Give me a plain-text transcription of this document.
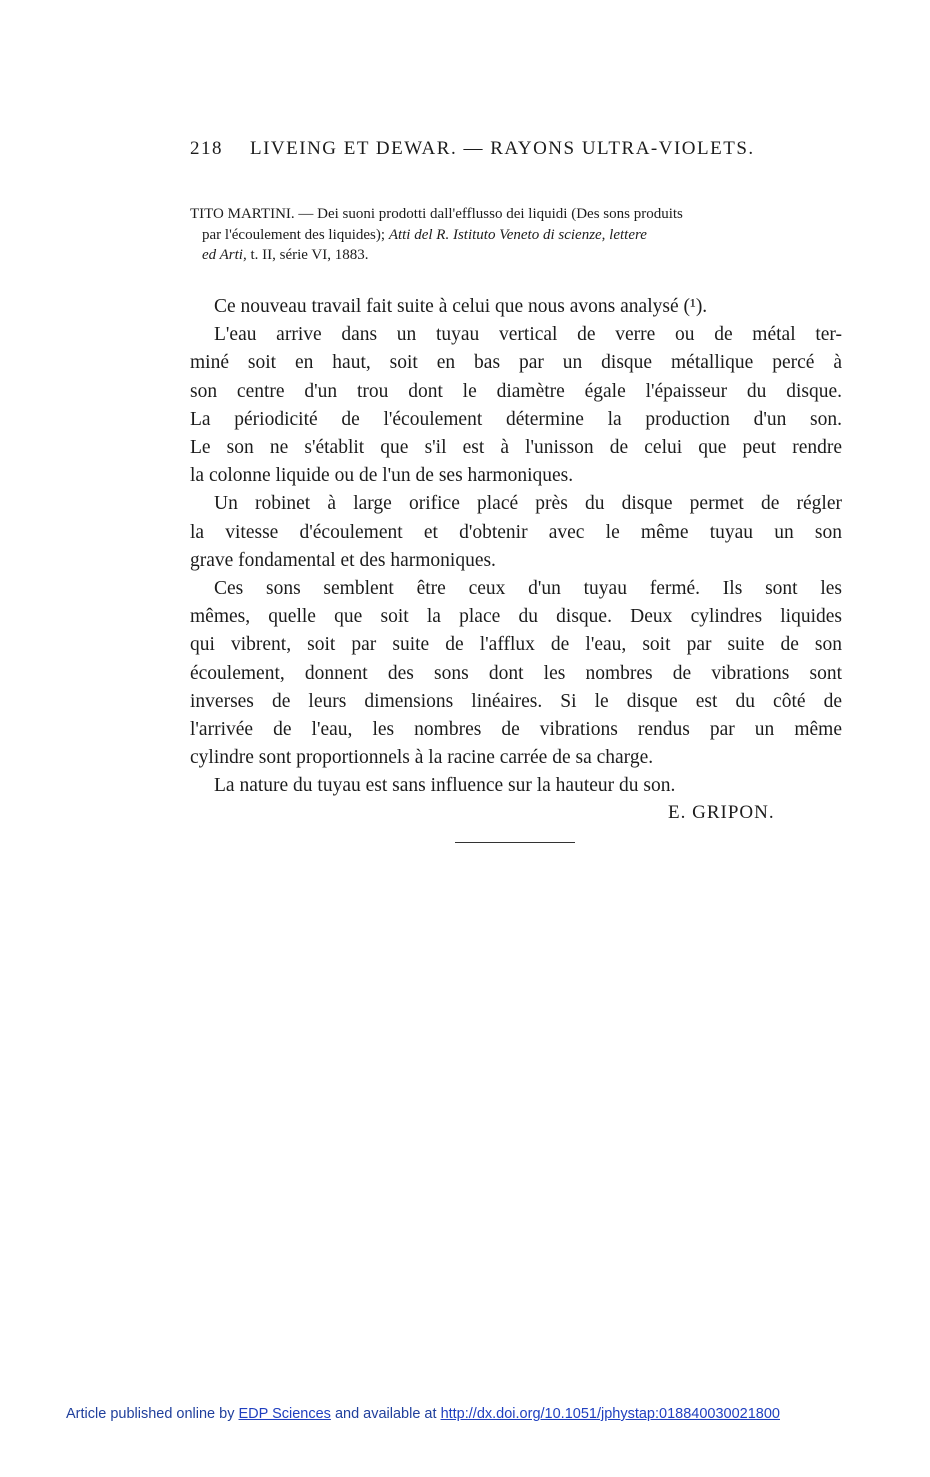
218 LIVEING ET DEWAR. — RAYONS ULTRA-VIOLETS.
TITO MARTINI. — Dei suoni prodotti dall'efflusso dei liquidi (Des sons produits
par l'écoulement des liquides); Atti del R. Istituto Veneto di scienze, lettere
ed Arti, t. II, série VI, 1883.

Ce nouveau travail fait suite à celui que nous avons analysé (¹).

L'eau arrive dans un tuyau vertical de verre ou de métal ter-
miné soit en haut, soit en bas par un disque métallique percé à
son centre d'un trou dont le diamètre égale l'épaisseur du disque.
La périodicité de l'écoulement détermine la production d'un son.
Le son ne s'établit que s'il est à l'unisson de celui que peut rendre
la colonne liquide ou de l'un de ses harmoniques.

Un robinet à large orifice placé près du disque permet de régler
la vitesse d'écoulement et d'obtenir avec le même tuyau un son
grave fondamental et des harmoniques.

Ces sons semblent être ceux d'un tuyau fermé. Ils sont les
mêmes, quelle que soit la place du disque. Deux cylindres liquides
qui vibrent, soit par suite de l'afflux de l'eau, soit par suite de son
écoulement, donnent des sons dont les nombres de vibrations sont
inverses de leurs dimensions linéaires. Si le disque est du côté de
l'arrivée de l'eau, les nombres de vibrations rendus par un même
cylindre sont proportionnels à la racine carrée de sa charge.

La nature du tuyau est sans influence sur la hauteur du son.

E. GRIPON.
Article published online by EDP Sciences and available at http://dx.doi.org/10.1051/jphystap:018840030021800
